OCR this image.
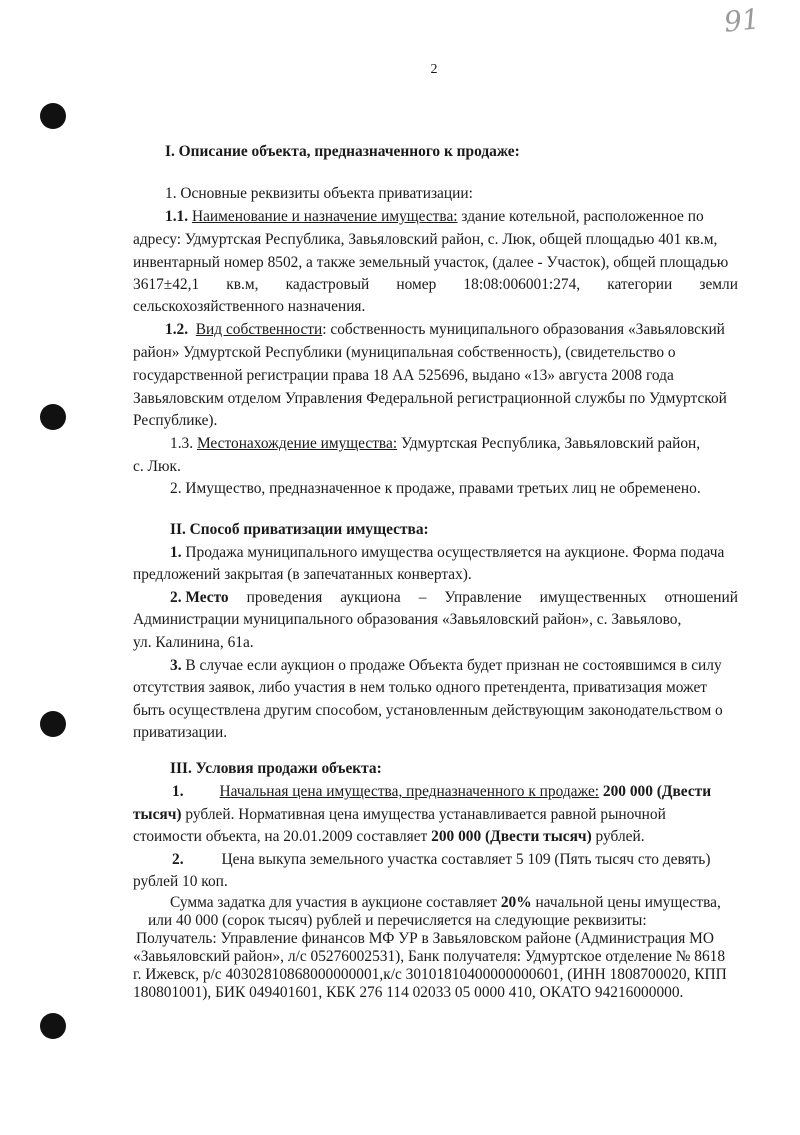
91
2
I. Описание объекта, предназначенного к продаже:
1. Основные реквизиты объекта приватизации:
1.1. Наименование и назначение имущества: здание котельной, расположенное по
адресу: Удмуртская Республика, Завьяловский район, с. Люк, общей площадью 401 кв.м,
инвентарный номер 8502, а также земельный участок, (далее - Участок), общей площадью
3617±42,1 кв.м, кадастровый номер 18:08:006001:274, категории земли
сельскохозяйственного назначения.
1.2. Вид собственности: собственность муниципального образования «Завьяловский
район» Удмуртской Республики (муниципальная собственность), (свидетельство о
государственной регистрации права 18 АА 525696, выдано «13» августа 2008 года
Завьяловским отделом Управления Федеральной регистрационной службы по Удмуртской
Республике).
1.3. Местонахождение имущества: Удмуртская Республика, Завьяловский район,
с. Люк.
2. Имущество, предназначенное к продаже, правами третьих лиц не обременено.
II. Способ приватизации имущества:
1. Продажа муниципального имущества осуществляется на аукционе. Форма подача
предложений закрытая (в запечатанных конвертах).
2. Место проведения аукциона – Управление имущественных отношений
Администрации муниципального образования «Завьяловский район», с. Завьялово,
ул. Калинина, 61а.
3. В случае если аукцион о продаже Объекта будет признан не состоявшимся в силу
отсутствия заявок, либо участия в нем только одного претендента, приватизация может
быть осуществлена другим способом, установленным действующим законодательством о
приватизации.
III. Условия продажи объекта:
1. Начальная цена имущества, предназначенного к продаже: 200 000 (Двести
тысяч) рублей. Нормативная цена имущества устанавливается равной рыночной
стоимости объекта, на 20.01.2009 составляет 200 000 (Двести тысяч) рублей.
2. Цена выкупа земельного участка составляет 5 109 (Пять тысяч сто девять)
рублей 10 коп.
Сумма задатка для участия в аукционе составляет 20% начальной цены имущества,
или 40 000 (сорок тысяч) рублей и перечисляется на следующие реквизиты:
Получатель: Управление финансов МФ УР в Завьяловском районе (Администрация МО
«Завьяловский район», л/с 05276002531), Банк получателя: Удмуртское отделение № 8618
г. Ижевск, р/с 40302810868000000001,к/с 30101810400000000601, (ИНН 1808700020, КПП
180801001), БИК 049401601, КБК 276 114 02033 05 0000 410, ОКАТО 94216000000.
